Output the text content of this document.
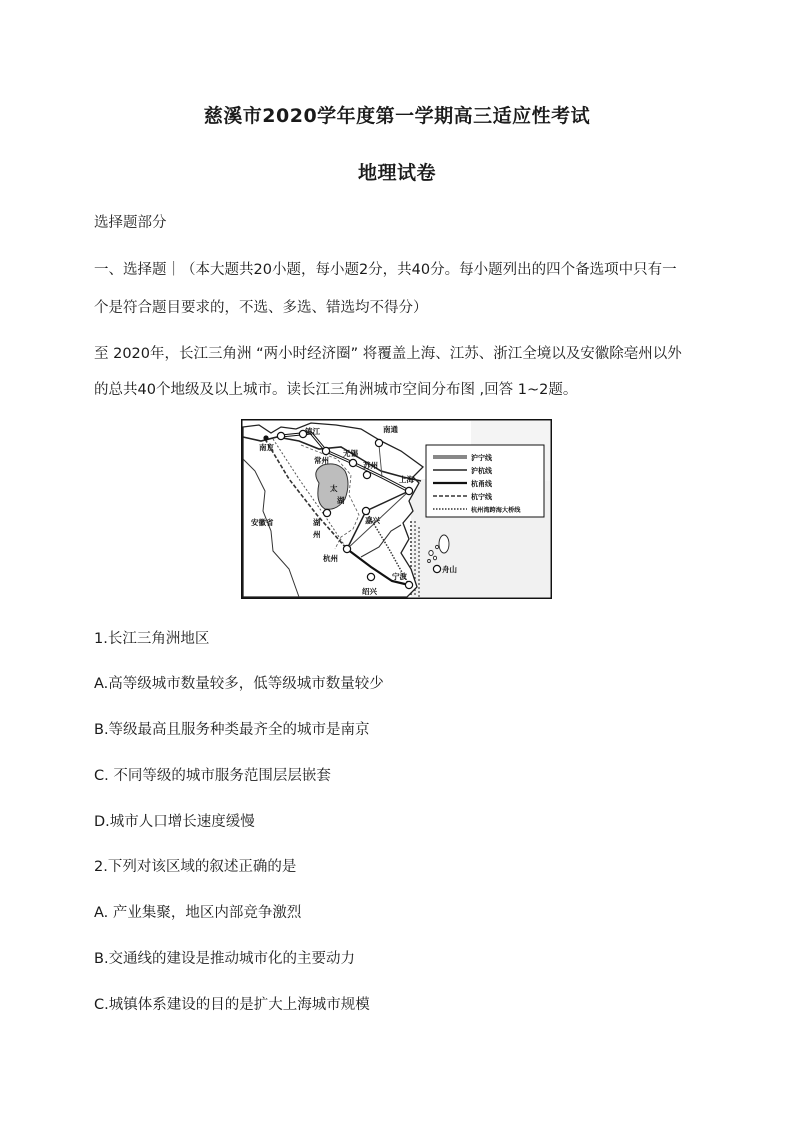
慈溪市2020学年度第一学期高三适应性考试
地理试卷
选择题部分
一、选择题｜（本大题共20小题，每小题2分，共40分。每小题列出的四个备选项中只有一
个是符合题目要求的，不选、多选、错选均不得分）
至 2020年，长江三角洲 “两小时经济圈” 将覆盖上海、江苏、浙江全境以及安徽除亳州以外
的总共40个地级及以上城市。读长江三角洲城市空间分布图 ,回答 1~2题。
南京
镇江
常州
无锡
苏州
南通
太
湖
上海
嘉兴
湖
州
杭州
宁波
绍兴
舟山
安徽省
沪宁线
沪杭线
杭甬线
杭宁线
杭州湾跨海大桥线
1.长江三角洲地区
A.高等级城市数量较多，低等级城市数量较少
B.等级最高且服务种类最齐全的城市是南京
C. 不同等级的城市服务范围层层嵌套
D.城市人口增长速度缓慢
2.下列对该区域的叙述正确的是
A. 产业集聚，地区内部竞争激烈
B.交通线的建设是推动城市化的主要动力
C.城镇体系建设的目的是扩大上海城市规模
